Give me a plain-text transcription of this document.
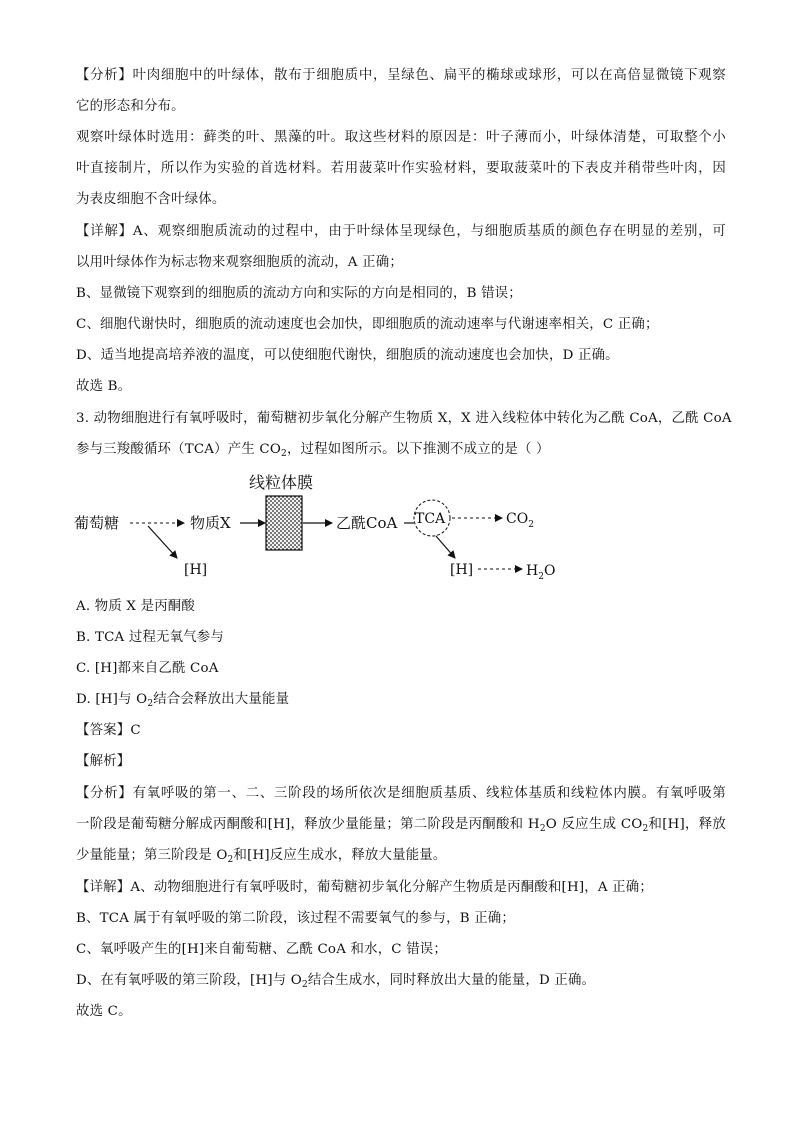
【分析】叶肉细胞中的叶绿体，散布于细胞质中，呈绿色、扁平的椭球或球形，可以在高倍显微镜下观察
它的形态和分布。
观察叶绿体时选用：藓类的叶、黑藻的叶。取这些材料的原因是：叶子薄而小，叶绿体清楚，可取整个小
叶直接制片，所以作为实验的首选材料。若用菠菜叶作实验材料，要取菠菜叶的下表皮并稍带些叶肉，因
为表皮细胞不含叶绿体。
【详解】A、观察细胞质流动的过程中，由于叶绿体呈现绿色，与细胞质基质的颜色存在明显的差别，可
以用叶绿体作为标志物来观察细胞质的流动，A 正确；
B、显微镜下观察到的细胞质的流动方向和实际的方向是相同的，B 错误；
C、细胞代谢快时，细胞质的流动速度也会加快，即细胞质的流动速率与代谢速率相关，C 正确；
D、适当地提高培养液的温度，可以使细胞代谢快，细胞质的流动速度也会加快，D 正确。
故选 B。
3. 动物细胞进行有氧呼吸时，葡萄糖初步氧化分解产生物质 X，X 进入线粒体中转化为乙酰 CoA，乙酰 CoA
参与三羧酸循环（TCA）产生 $CO_2$，过程如图所示。以下推测不成立的是（ ）
线粒体膜
葡萄糖	物质X
[H]
乙酰CoA TCA	$CO_2$
[H]	$H_2O$
A. 物质 X 是丙酮酸
B. TCA 过程无氧气参与
C. [H]都来自乙酰 CoA
D. [H]与 $O_2$结合会释放出大量能量
【答案】C
【解析】
【分析】有氧呼吸的第一、二、三阶段的场所依次是细胞质基质、线粒体基质和线粒体内膜。有氧呼吸第
一阶段是葡萄糖分解成丙酮酸和[H]，释放少量能量；第二阶段是丙酮酸和 $H_2O$ 反应生成 $CO_2$和[H]，释放
少量能量；第三阶段是 $O_2$和[H]反应生成水，释放大量能量。
【详解】A、动物细胞进行有氧呼吸时，葡萄糖初步氧化分解产生物质是丙酮酸和[H]，A 正确；
B、TCA 属于有氧呼吸的第二阶段，该过程不需要氧气的参与，B 正确；
C、氧呼吸产生的[H]来自葡萄糖、乙酰 CoA 和水，C 错误；
D、在有氧呼吸的第三阶段，[H]与 $O_2$结合生成水，同时释放出大量的能量，D 正确。
故选 C。
